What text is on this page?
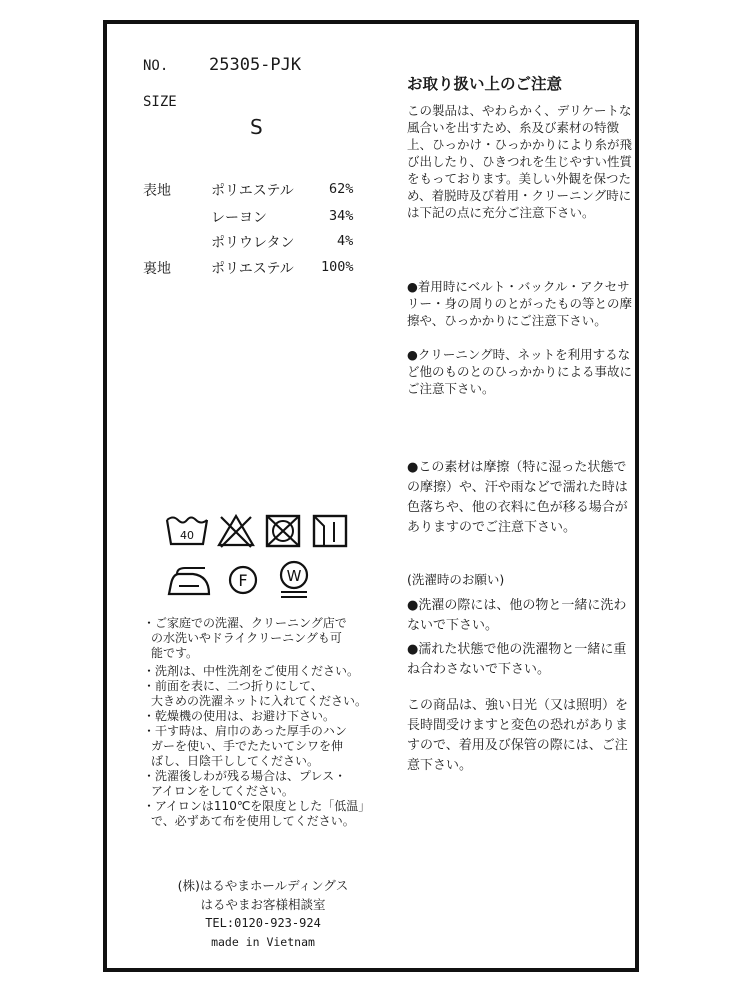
NO. 25305-PJK
SIZE
S
表地	ポリエステル	62%
レーヨン	34%
ポリウレタン	4%
裏地	ポリエステル 100%
40

F
	W
・ご家庭での洗濯、クリーニング店で
の水洗いやドライクリーニングも可
能です。
・洗剤は、中性洗剤をご使用ください。
・前面を表に、二つ折りにして、
大きめの洗濯ネットに入れてください。
・乾燥機の使用は、お避け下さい。
・干す時は、肩巾のあった厚手のハン
ガーを使い、手でたたいてシワを伸
ばし、日陰干ししてください。
・洗濯後しわが残る場合は、プレス・
アイロンをしてください。
・アイロンは110℃を限度とした「低温」
で、必ずあて布を使用してください。
(株)はるやまホールディングス
はるやまお客様相談室
TEL:0120-923-924
made in Vietnam
お取り扱い上のご注意
この製品は、やわらかく、デリケートな風合いを出すため、糸及び素材の特徴上、ひっかけ・ひっかかりにより糸が飛び出したり、ひきつれを生じやすい性質をもっております。美しい外観を保つため、着脱時及び着用・クリーニング時には下記の点に充分ご注意下さい。
●着用時にベルト・バックル・アクセサリー・身の周りのとがったもの等との摩擦や、ひっかかりにご注意下さい。
●クリーニング時、ネットを利用するなど他のものとのひっかかりによる事故にご注意下さい。
●この素材は摩擦（特に湿った状態での摩擦）や、汗や雨などで濡れた時は色落ちや、他の衣料に色が移る場合がありますのでご注意下さい。
(洗濯時のお願い)
●洗濯の際には、他の物と一緒に洗わないで下さい。
●濡れた状態で他の洗濯物と一緒に重ね合わさないで下さい。
この商品は、強い日光（又は照明）を長時間受けますと変色の恐れがありますので、着用及び保管の際には、ご注意下さい。
